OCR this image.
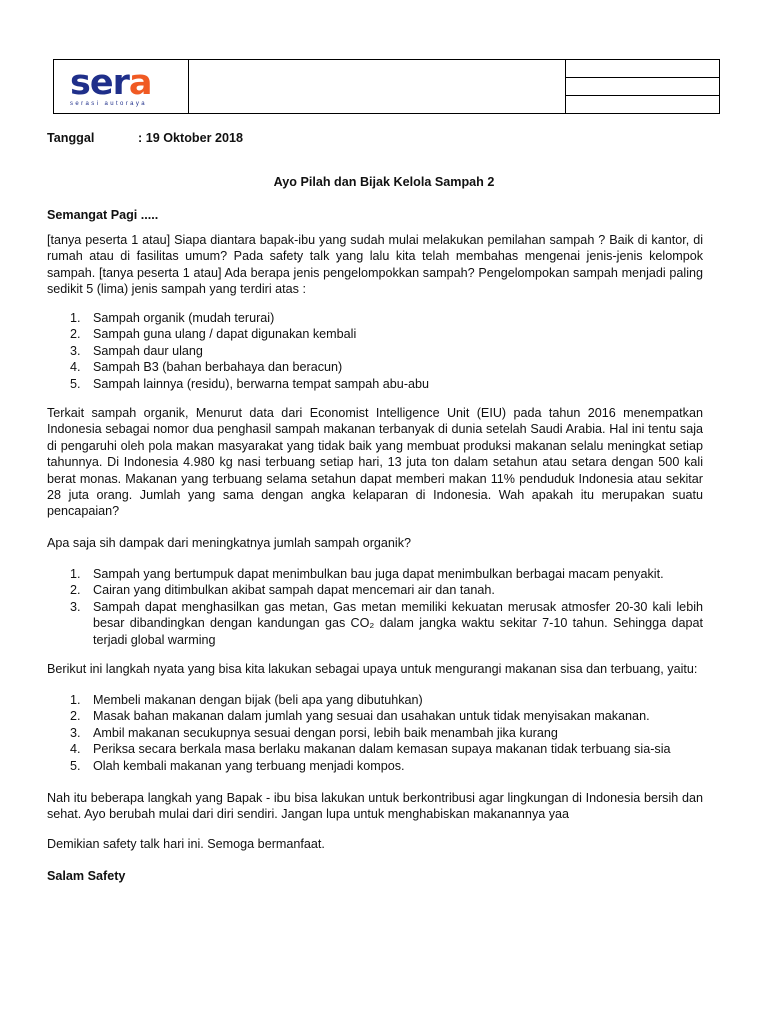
sera
serasi autoraya
Tanggal	: 19 Oktober 2018
Ayo Pilah dan Bijak Kelola Sampah 2
Semangat Pagi .....
[tanya peserta 1 atau] Siapa diantara bapak-ibu yang sudah mulai melakukan pemilahan sampah ? Baik di kantor, di rumah atau di fasilitas umum? Pada safety talk yang lalu kita telah membahas mengenai jenis-jenis kelompok sampah. [tanya peserta 1 atau] Ada berapa jenis pengelompokkan sampah? Pengelompokan sampah menjadi paling sedikit 5 (lima) jenis sampah yang terdiri atas :
1. Sampah organik (mudah terurai)
2. Sampah guna ulang / dapat digunakan kembali
3. Sampah daur ulang
4. Sampah B3 (bahan berbahaya dan beracun)
5. Sampah lainnya (residu), berwarna tempat sampah abu-abu
Terkait sampah organik, Menurut data dari Economist Intelligence Unit (EIU) pada tahun 2016 menempatkan Indonesia sebagai nomor dua penghasil sampah makanan terbanyak di dunia setelah Saudi Arabia. Hal ini tentu saja di pengaruhi oleh pola makan masyarakat yang tidak baik yang membuat produksi makanan selalu meningkat setiap tahunnya. Di Indonesia 4.980 kg nasi terbuang setiap hari, 13 juta ton dalam setahun atau setara dengan 500 kali berat monas. Makanan yang terbuang selama setahun dapat memberi makan 11% penduduk Indonesia atau sekitar 28 juta orang. Jumlah yang sama dengan angka kelaparan di Indonesia. Wah apakah itu merupakan suatu pencapaian?
Apa saja sih dampak dari meningkatnya jumlah sampah organik?
1. Sampah yang bertumpuk dapat menimbulkan bau juga dapat menimbulkan berbagai macam penyakit.
2. Cairan yang ditimbulkan akibat sampah dapat mencemari air dan tanah.
3. Sampah dapat menghasilkan gas metan, Gas metan memiliki kekuatan merusak atmosfer 20-30 kali lebih besar dibandingkan dengan kandungan gas CO₂ dalam jangka waktu sekitar 7-10 tahun. Sehingga dapat terjadi global warming
Berikut ini langkah nyata yang bisa kita lakukan sebagai upaya untuk mengurangi makanan sisa dan terbuang, yaitu:
1. Membeli makanan dengan bijak (beli apa yang dibutuhkan)
2. Masak bahan makanan dalam jumlah yang sesuai dan usahakan untuk tidak menyisakan makanan.
3. Ambil makanan secukupnya sesuai dengan porsi, lebih baik menambah jika kurang
4. Periksa secara berkala masa berlaku makanan dalam kemasan supaya makanan tidak terbuang sia-sia
5. Olah kembali makanan yang terbuang menjadi kompos.
Nah itu beberapa langkah yang Bapak - ibu bisa lakukan untuk berkontribusi agar lingkungan di Indonesia bersih dan sehat. Ayo berubah mulai dari diri sendiri. Jangan lupa untuk menghabiskan makanannya yaa
Demikian safety talk hari ini. Semoga bermanfaat.
Salam Safety
